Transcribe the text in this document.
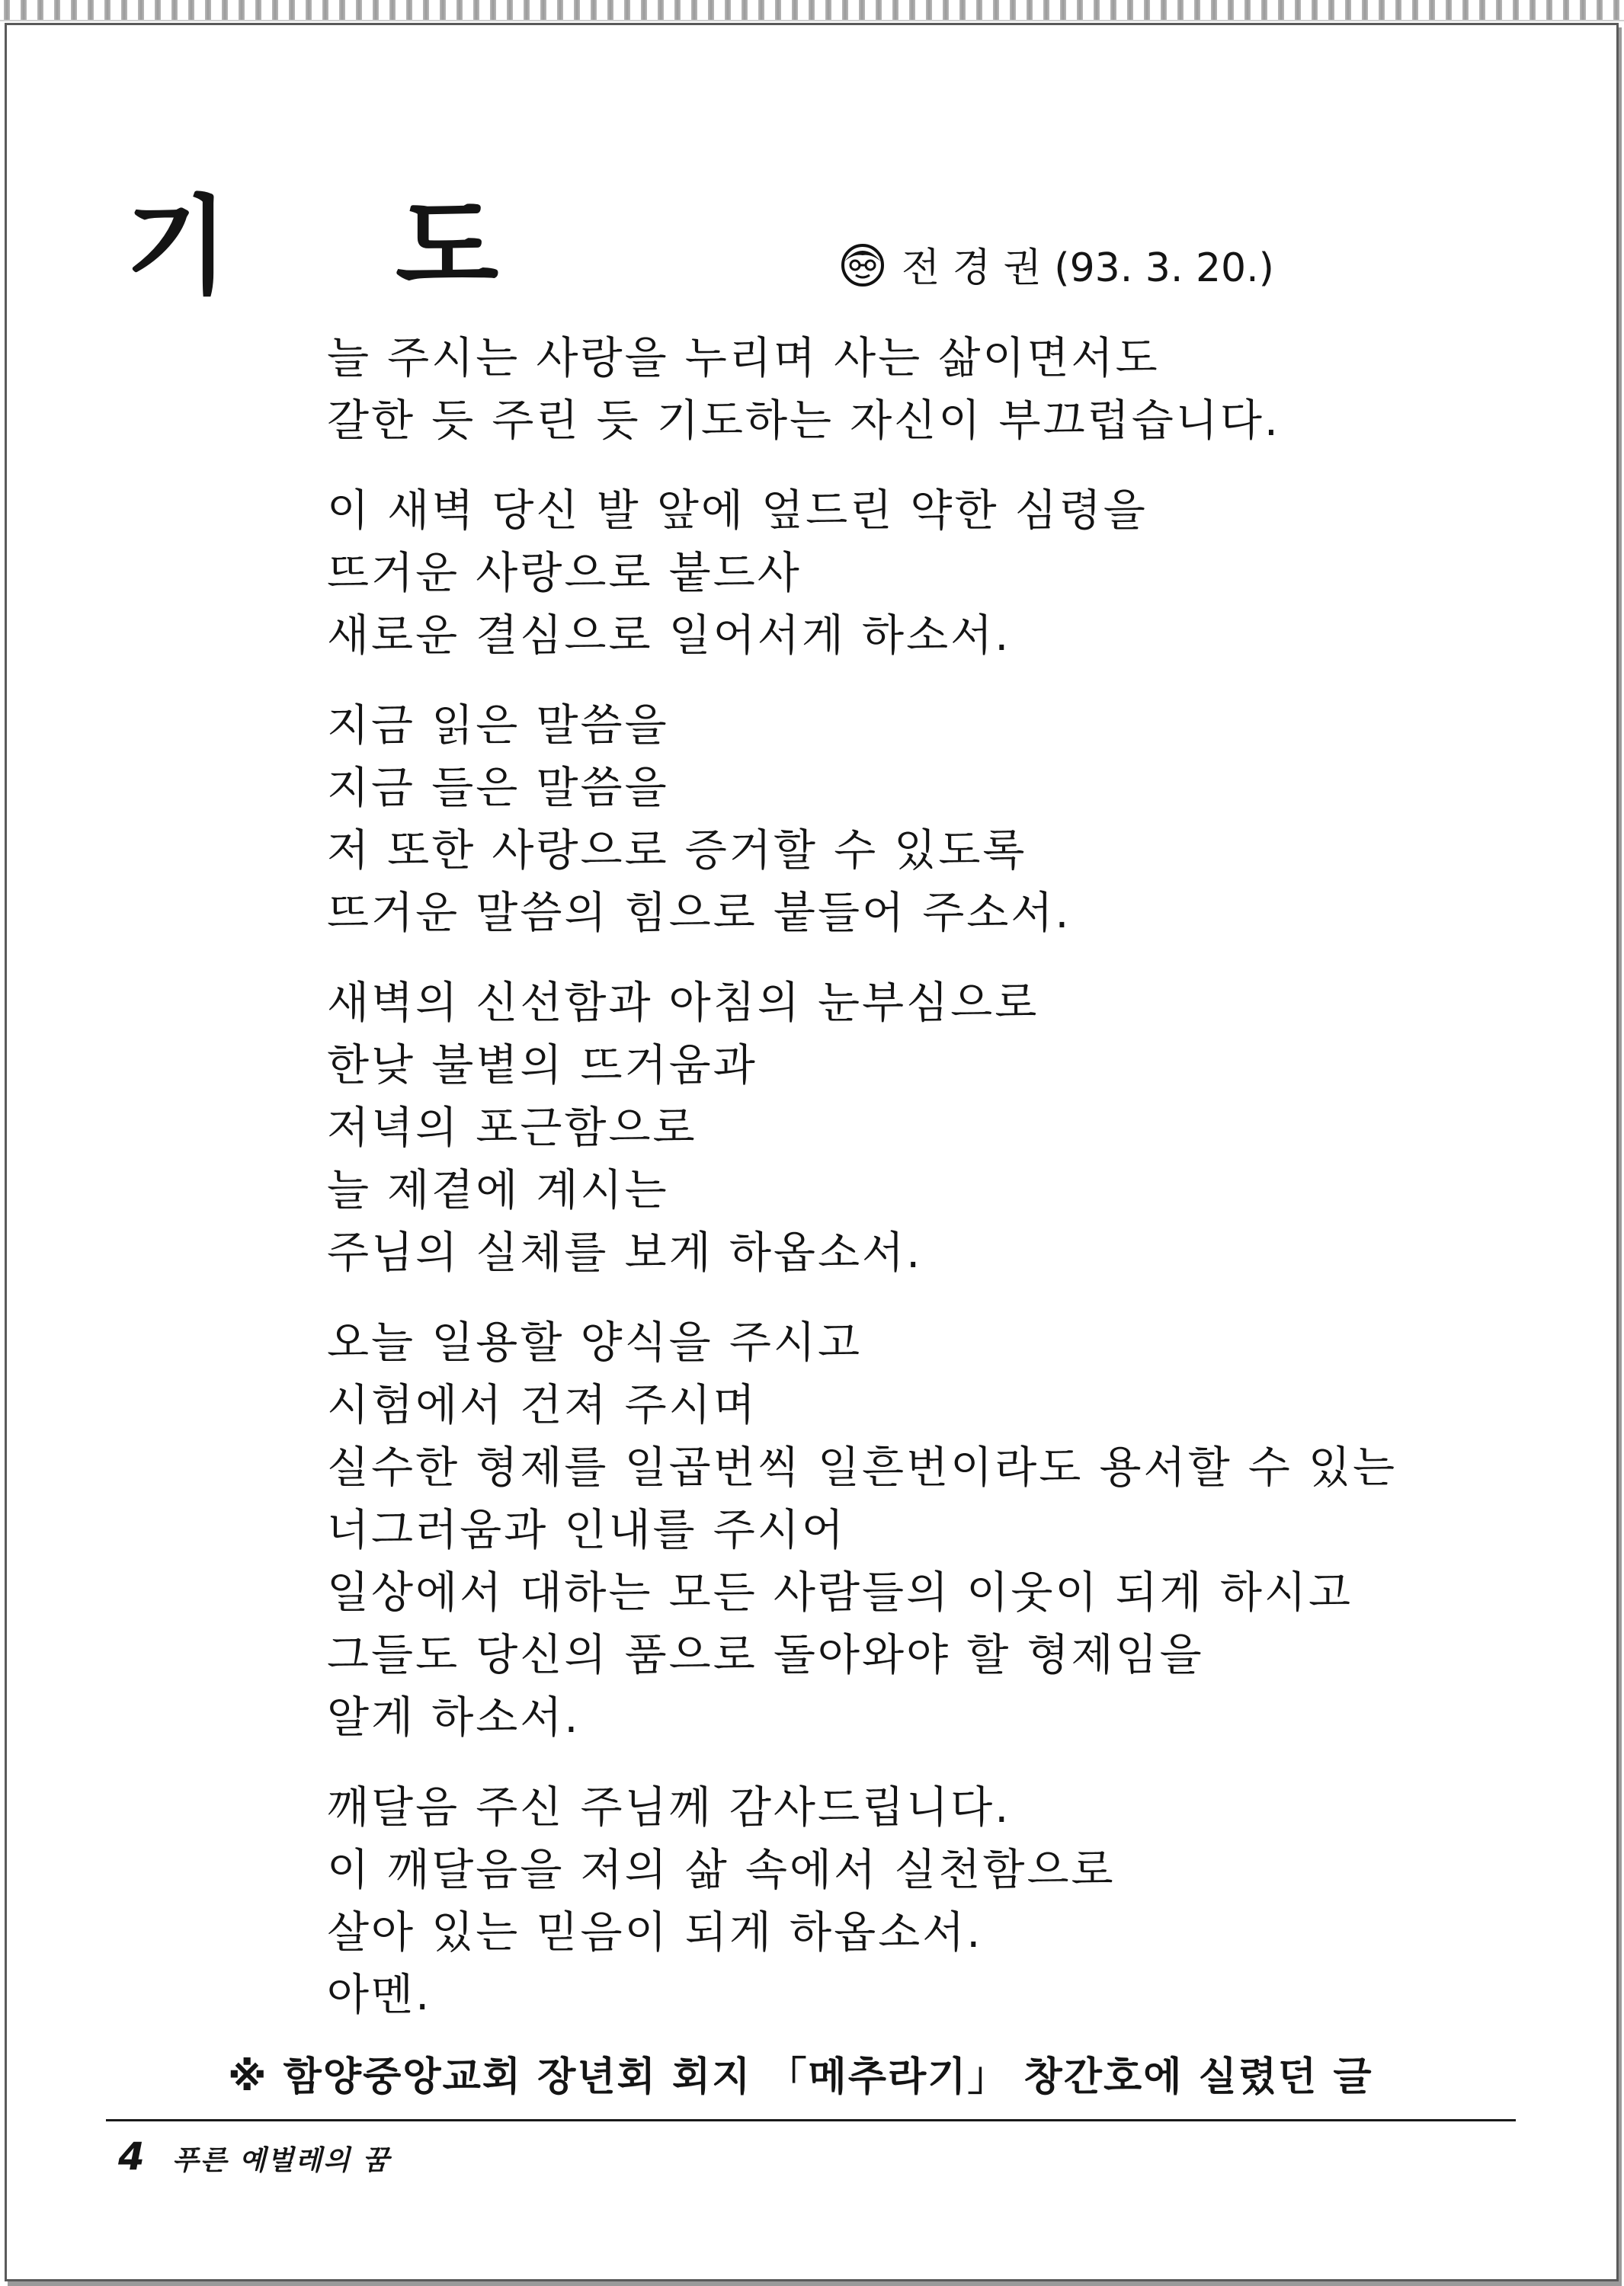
기 도	전 경 권 (93. 3. 20.)
늘 주시는 사랑을 누리며 사는 삶이면서도
갈한 듯 주린 듯 기도하는 자신이 부끄럽습니다.
이 새벽 당신 발 앞에 엎드린 약한 심령을
뜨거운 사랑으로 붙드사
새로운 결심으로 일어서게 하소서.
지금 읽은 말씀을
지금 들은 말씀을
저 또한 사랑으로 증거할 수 있도록
뜨거운 말씀의 힘으로 붙들어 주소서.
새벽의 신선함과 아침의 눈부심으로
한낮 불볕의 뜨거움과
저녁의 포근함으로
늘 제곁에 계시는
주님의 실체를 보게 하옵소서.
오늘 일용할 양식을 주시고
시험에서 건져 주시며
실수한 형제를 일곱번씩 일흔번이라도 용서할 수 있는
너그러움과 인내를 주시어
일상에서 대하는 모든 사람들의 이웃이 되게 하시고
그들도 당신의 품으로 돌아와야 할 형제임을
알게 하소서.
깨달음 주신 주님께 감사드립니다.
이 깨달음을 저의 삶 속에서 실천함으로
살아 있는 믿음이 되게 하옵소서.
아멘.
※ 함양중앙교회 장년회 회지 「메추라기」 창간호에 실렸던 글
4 푸른 예벌레의 꿈
